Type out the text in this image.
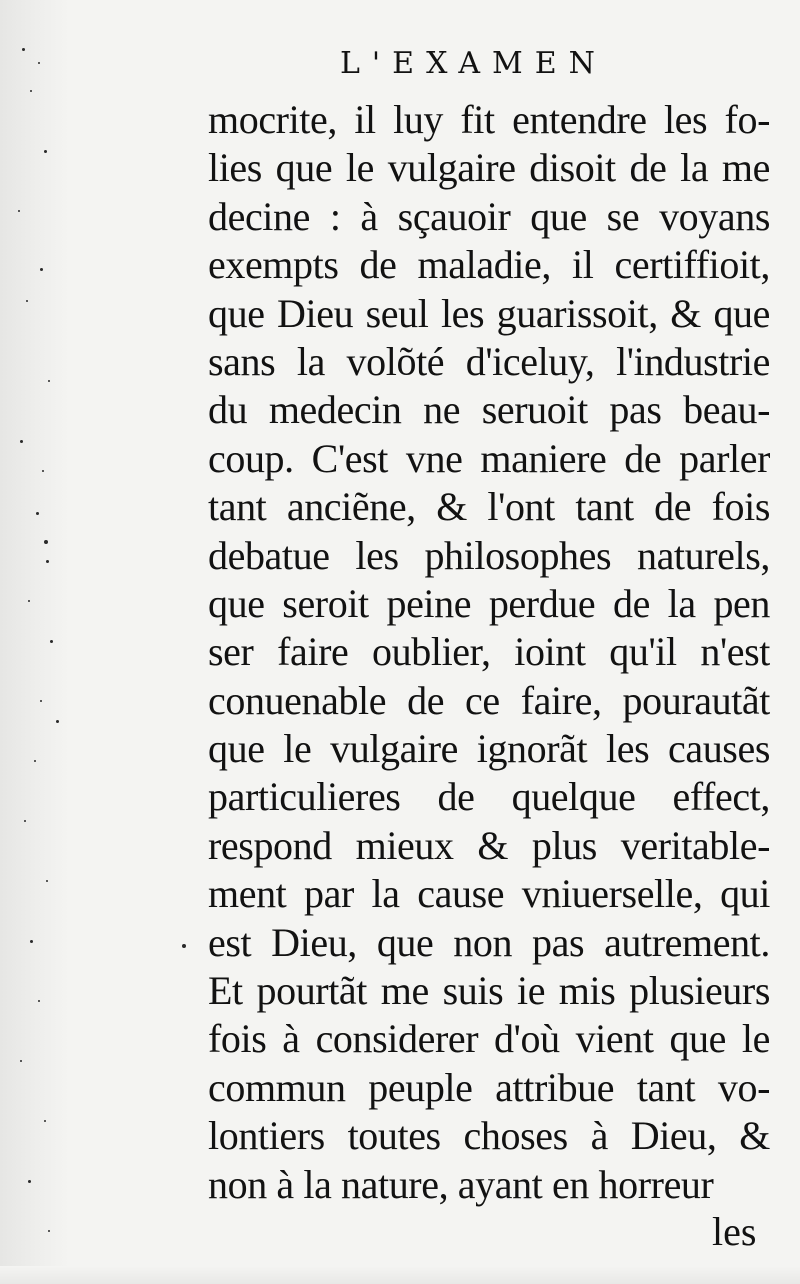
L'EXAMEN
mocrite, il luy fit entendre les fo-
lies que le vulgaire disoit de la me
decine : à sçauoir que se voyans
exempts de maladie, il certiffioit,
que Dieu seul les guarissoit, & que
sans la volõté d'iceluy, l'industrie
du medecin ne seruoit pas beau-
coup. C'est vne maniere de parler
tant anciẽne, & l'ont tant de fois
debatue les philosophes naturels,
que seroit peine perdue de la pen
ser faire oublier, ioint qu'il n'est
conuenable de ce faire, pourautãt
que le vulgaire ignorãt les causes
particulieres de quelque effect,
respond mieux & plus veritable-
ment par la cause vniuerselle, qui
est Dieu, que non pas autrement.
Et pourtãt me suis ie mis plusieurs
fois à considerer d'où vient que le
commun peuple attribue tant vo-
lontiers toutes choses à Dieu, &
non à la nature, ayant en horreur
les
